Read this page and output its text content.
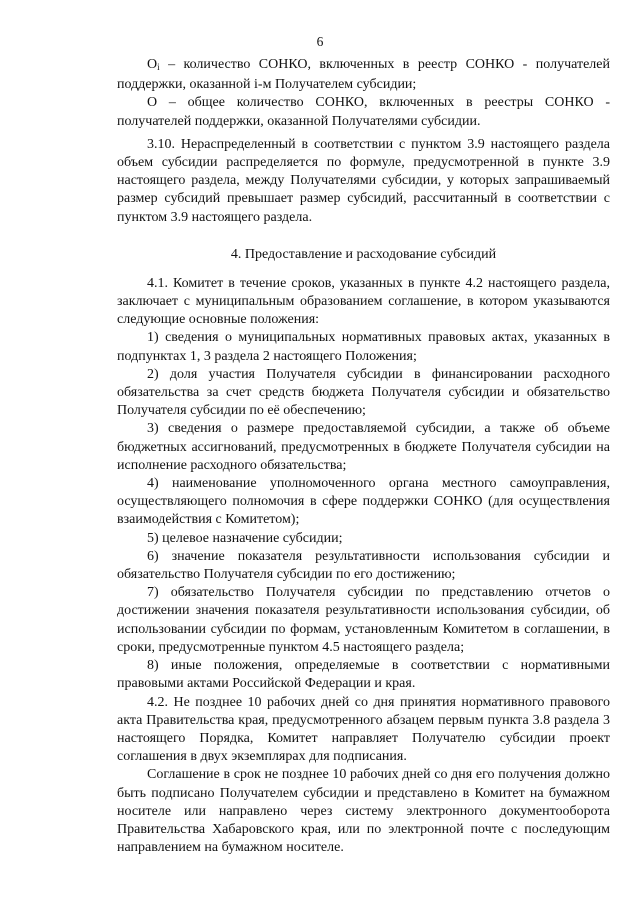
6

$О_i$ – количество СОНКО, включенных в реестр СОНКО - получателей поддержки, оказанной i-м Получателем субсидии;

О – общее количество СОНКО, включенных в реестры СОНКО - получателей поддержки, оказанной Получателями субсидии.

3.10. Нераспределенный в соответствии с пунктом 3.9 настоящего раздела объем субсидии распределяется по формуле, предусмотренной в пункте 3.9 настоящего раздела, между Получателями субсидии, у которых запрашиваемый размер субсидий превышает размер субсидий, рассчитанный в соответствии с пунктом 3.9 настоящего раздела.

4. Предоставление и расходование субсидий

4.1. Комитет в течение сроков, указанных в пункте 4.2 настоящего раздела, заключает с муниципальным образованием соглашение, в котором указываются следующие основные положения:

1) сведения о муниципальных нормативных правовых актах, указанных в подпунктах 1, 3 раздела 2 настоящего Положения;

2) доля участия Получателя субсидии в финансировании расходного обязательства за счет средств бюджета Получателя субсидии и обязательство Получателя субсидии по её обеспечению;

3) сведения о размере предоставляемой субсидии, а также об объеме бюджетных ассигнований, предусмотренных в бюджете Получателя субсидии на исполнение расходного обязательства;

4) наименование уполномоченного органа местного самоуправления, осуществляющего полномочия в сфере поддержки СОНКО (для осуществления взаимодействия с Комитетом);

5) целевое назначение субсидии;

6) значение показателя результативности использования субсидии и обязательство Получателя субсидии по его достижению;

7) обязательство Получателя субсидии по представлению отчетов о достижении значения показателя результативности использования субсидии, об использовании субсидии по формам, установленным Комитетом в соглашении, в сроки, предусмотренные пунктом 4.5 настоящего раздела;

8) иные положения, определяемые в соответствии с нормативными правовыми актами Российской Федерации и края.

4.2. Не позднее 10 рабочих дней со дня принятия нормативного правового акта Правительства края, предусмотренного абзацем первым пункта 3.8 раздела 3 настоящего Порядка, Комитет направляет Получателю субсидии проект соглашения в двух экземплярах для подписания.

Соглашение в срок не позднее 10 рабочих дней со дня его получения должно быть подписано Получателем субсидии и представлено в Комитет на бумажном носителе или направлено через систему электронного документооборота Правительства Хабаровского края, или по электронной почте с последующим направлением на бумажном носителе.
